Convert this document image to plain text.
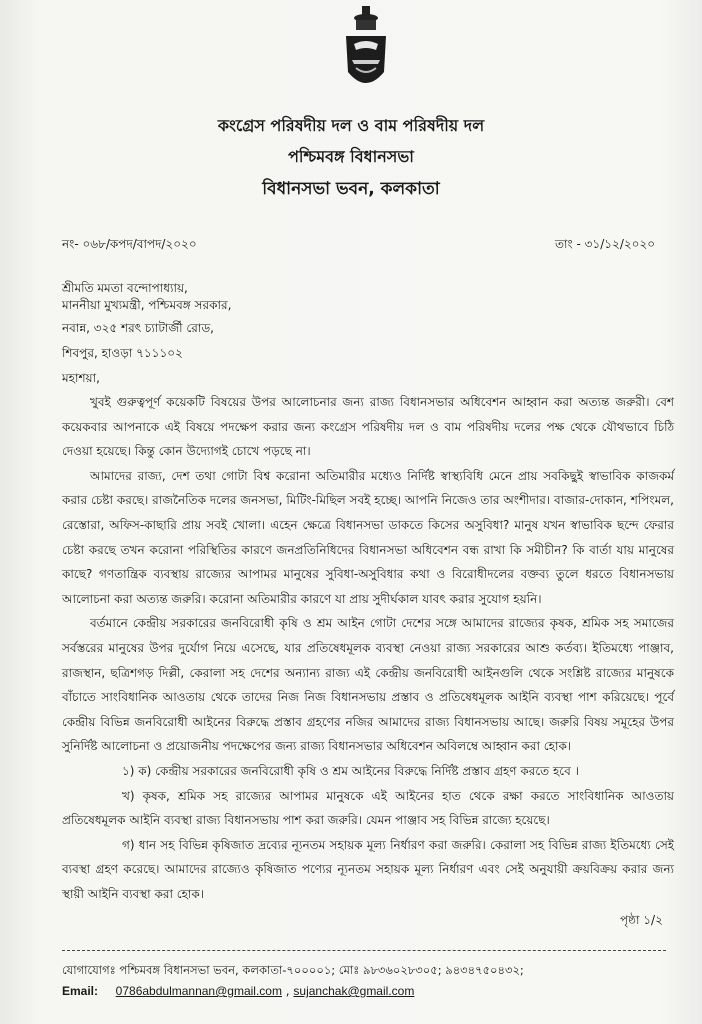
কংগ্রেস পরিষদীয় দল ও বাম পরিষদীয় দল
পশ্চিমবঙ্গ বিধানসভা
বিধানসভা ভবন, কলকাতা
নং- ০৬৮/কপদ/বাপদ/২০২০	তাং - ৩১/১২/২০২০
শ্রীমতি মমতা বন্দোপাধ্যায়,
মাননীয়া মুখ্যমন্ত্রী, পশ্চিমবঙ্গ সরকার,
নবান্ন, ৩২৫ শরৎ চ্যাটার্জী রোড,
শিবপুর, হাওড়া ৭১১১০২
মহাশয়া,

খুবই গুরুত্বপূর্ণ কয়েকটি বিষয়ের উপর আলোচনার জন্য রাজ্য বিধানসভার অধিবেশন আহ্বান করা অত্যন্ত জরুরী। বেশ কয়েকবার আপনাকে এই বিষয়ে পদক্ষেপ করার জন্য কংগ্রেস পরিষদীয় দল ও বাম পরিষদীয় দলের পক্ষ থেকে যৌথভাবে চিঠি দেওয়া হয়েছে। কিন্তু কোন উদ্যোগই চোখে পড়ছে না।

আমাদের রাজ্য, দেশ তথা গোটা বিশ্ব করোনা অতিমারীর মধ্যেও নির্দিষ্ট স্বাস্থ্যবিধি মেনে প্রায় সবকিছুই স্বাভাবিক কাজকর্ম করার চেষ্টা করছে। রাজনৈতিক দলের জনসভা, মিটিং-মিছিল সবই হচ্ছে। আপনি নিজেও তার অংশীদার। বাজার-দোকান, শপিংমল, রেস্তোরা, অফিস-কাছারি প্রায় সবই খোলা। এহেন ক্ষেত্রে বিধানসভা ডাকতে কিসের অসুবিধা? মানুষ যখন স্বাভাবিক ছন্দে ফেরার চেষ্টা করছে তখন করোনা পরিস্থিতির কারণে জনপ্রতিনিধিদের বিধানসভা অধিবেশন বন্ধ রাখা কি সমীচীন? কি বার্তা যায় মানুষের কাছে? গণতান্ত্রিক ব্যবস্থায় রাজ্যের আপামর মানুষের সুবিধা-অসুবিধার কথা ও বিরোধীদলের বক্তব্য তুলে ধরতে বিধানসভায় আলোচনা করা অত্যন্ত জরুরি। করোনা অতিমারীর কারণে যা প্রায় সুদীর্ঘকাল যাবৎ করার সুযোগ হয়নি।

বর্তমানে কেন্দ্রীয় সরকারের জনবিরোধী কৃষি ও শ্রম আইন গোটা দেশের সঙ্গে আমাদের রাজ্যের কৃষক, শ্রমিক সহ সমাজের সর্বস্তরের মানুষের উপর দুর্যোগ নিয়ে এসেছে, যার প্রতিষেধমূলক ব্যবস্থা নেওয়া রাজ্য সরকারের আশু কর্তব্য। ইতিমধ্যে পাঞ্জাব, রাজস্থান, ছত্রিশগড় দিল্লী, কেরালা সহ দেশের অন্যান্য রাজ্য এই কেন্দ্রীয় জনবিরোধী আইনগুলি থেকে সংশ্লিষ্ট রাজ্যের মানুষকে বাঁচাতে সাংবিধানিক আওতায় থেকে তাদের নিজ নিজ বিধানসভায় প্রস্তাব ও প্রতিষেধমূলক আইনি ব্যবস্থা পাশ করিয়েছে। পূর্বে কেন্দ্রীয় বিভিন্ন জনবিরোধী আইনের বিরুদ্ধে প্রস্তাব গ্রহণের নজির আমাদের রাজ্য বিধানসভায় আছে। জরুরি বিষয় সমূহের উপর সুনির্দিষ্ট আলোচনা ও প্রয়োজনীয় পদক্ষেপের জন্য রাজ্য বিধানসভার অধিবেশন অবিলম্বে আহ্বান করা হোক।

১) ক) কেন্দ্রীয় সরকারের জনবিরোধী কৃষি ও শ্রম আইনের বিরুদ্ধে নির্দিষ্ট প্রস্তাব গ্রহণ করতে হবে ।

খ) কৃষক, শ্রমিক সহ রাজ্যের আপামর মানুষকে এই আইনের হাত থেকে রক্ষা করতে সাংবিধানিক আওতায় প্রতিষেধমূলক আইনি ব্যবস্থা রাজ্য বিধানসভায় পাশ করা জরুরি। যেমন পাঞ্জাব সহ বিভিন্ন রাজ্যে হয়েছে।

গ) ধান সহ বিভিন্ন কৃষিজাত দ্রব্যের ন্যূনতম সহায়ক মূল্য নির্ধারণ করা জরুরি। কেরালা সহ বিভিন্ন রাজ্য ইতিমধ্যে সেই ব্যবস্থা গ্রহণ করেছে। আমাদের রাজ্যেও কৃষিজাত পণ্যের ন্যূনতম সহায়ক মূল্য নির্ধারণ এবং সেই অনুযায়ী ক্রয়বিক্রয় করার জন্য স্থায়ী আইনি ব্যবস্থা করা হোক।

পৃষ্ঠা ১/২
যোগাযোগঃ পশ্চিমবঙ্গ বিধানসভা ভবন, কলকাতা-৭০০০০১; মোঃ ৯৮৩৬০২৮৩০৫; ৯৪৩৪৭৫০৪৩২;
Email: 0786abdulmannan@gmail.com , sujanchak@gmail.com
